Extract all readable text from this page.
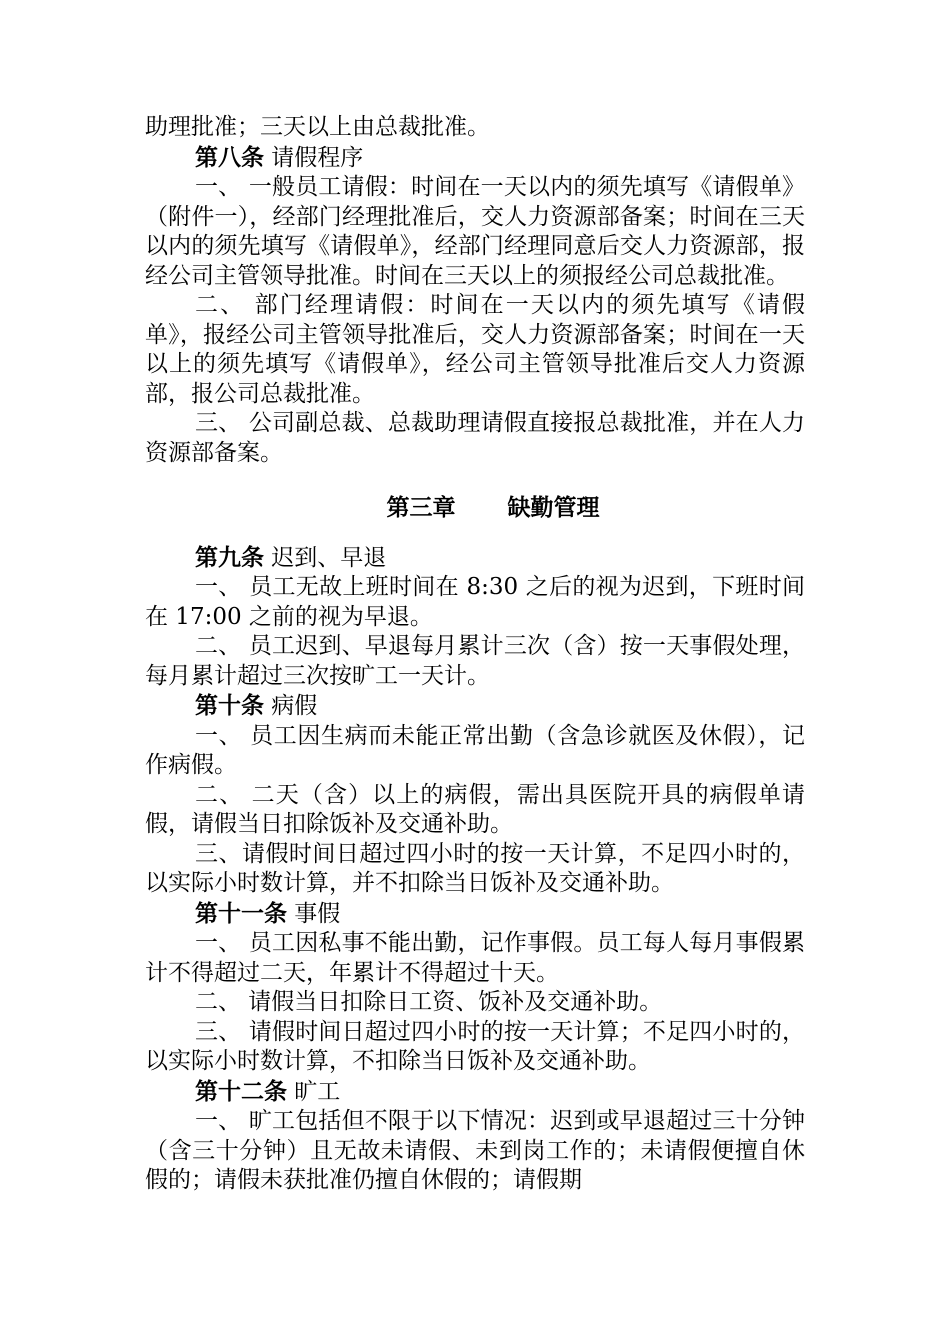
助理批准；三天以上由总裁批准。

第八条 请假程序

一、 一般员工请假：时间在一天以内的须先填写《请假单》（附件一），经部门经理批准后，交人力资源部备案；时间在三天以内的须先填写《请假单》，经部门经理同意后交人力资源部，报经公司主管领导批准。时间在三天以上的须报经公司总裁批准。

二、 部门经理请假：时间在一天以内的须先填写《请假单》，报经公司主管领导批准后，交人力资源部备案；时间在一天以上的须先填写《请假单》，经公司主管领导批准后交人力资源部，报公司总裁批准。

三、 公司副总裁、总裁助理请假直接报总裁批准，并在人力资源部备案。

第三章 缺勤管理

第九条 迟到、早退

一、 员工无故上班时间在 8:30 之后的视为迟到，下班时间在 17:00 之前的视为早退。

二、 员工迟到、早退每月累计三次（含）按一天事假处理，每月累计超过三次按旷工一天计。

第十条 病假

一、 员工因生病而未能正常出勤（含急诊就医及休假），记作病假。

二、 二天（含）以上的病假，需出具医院开具的病假单请假，请假当日扣除饭补及交通补助。

三、请假时间日超过四小时的按一天计算，不足四小时的，以实际小时数计算，并不扣除当日饭补及交通补助。

第十一条 事假

一、 员工因私事不能出勤，记作事假。员工每人每月事假累计不得超过二天，年累计不得超过十天。

二、 请假当日扣除日工资、饭补及交通补助。

三、 请假时间日超过四小时的按一天计算；不足四小时的，以实际小时数计算，不扣除当日饭补及交通补助。

第十二条 旷工

一、 旷工包括但不限于以下情况：迟到或早退超过三十分钟（含三十分钟）且无故未请假、未到岗工作的；未请假便擅自休假的；请假未获批准仍擅自休假的；请假期
